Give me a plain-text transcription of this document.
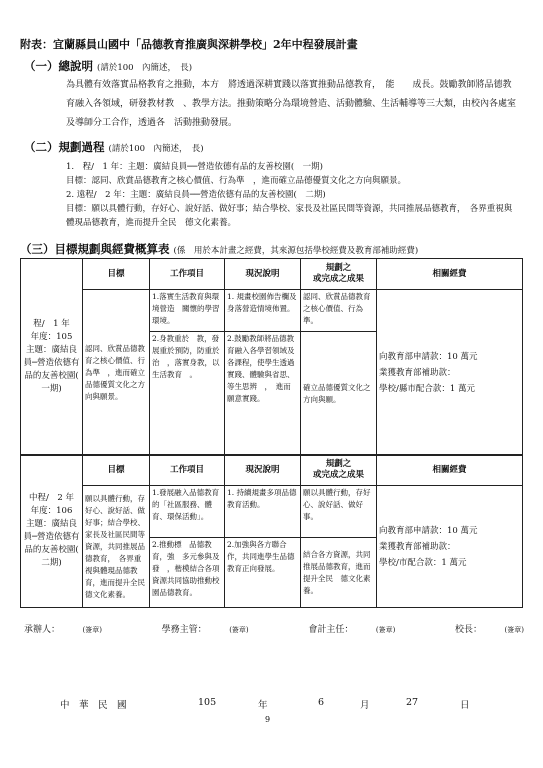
附表：宜蘭縣員山國中「品德教育推廣與深耕學校」2年中程發展計畫
（一）總說明 (請於100　內簡述，　長)
為具體有效落實品格教育之推動，本方　將透過深耕實踐以落實推動品德教育，　能　　成長。鼓勵教師將品德教育融入各領域，研發教材教　、教學方法。推動策略分為環境營造、活動體驗、生活輔導等三大類，由校內各處室及導師分工合作，透過各　活動推動發展。
（二）規劃過程 (請於100　內簡述，　長)
1.　程/　1 年：主題：廣結良員──營造依德有品的友善校園(　一期)
目標：認同、欣賞品德教育之核心價值、行為準　，進而確立品德優質文化之方向與願景。
2. 遠程/　2 年：主題：廣結良員──營造依德有品的友善校園(　二期)
目標：願以具體行動，存好心、說好話、做好事；結合學校、家長及社區民間等資源，共同推展品德教育，　各界重視與體現品德教育，進而提升全民　德文化素養。
（三）目標規劃與經費概算表 (係　用於本計畫之經費，其來源包括學校經費及教育部補助經費)
程/　1 年
年度：105
主題：廣結良員─營造依德有品的友善校園(　一期)	目標	工作項目	現況說明	規劃之
或完成之成果	相關經費
	認同、欣賞品德教育之核心價值、行為準　，進而確立品德優質文化之方向與願景。	1.落實生活教育與環境營造　關懷的學習環境。	1. 規畫校園佈告欄及身落營造情境佈置。	認同、欣賞品德教育之核心價值、行為準。	向教育部申請款：10 萬元
業獲教育部補助款：
學校/縣市配合款：1 萬元

		2.身教重於　教，發展重於預防，防重於治　，落實身教，以生活教育　。	2.鼓勵教師將品德教育融入各學習領域及各課程，使學生透過實踐、體驗與省思、　等生思辨　，　進而願意實踐。	確立品德優質文化之方向與願。	
中程/　2 年
年度：106
主題：廣結良員─營造依德有品的友善校園(　二期)	目標	工作項目	現況說明	規劃之
或完成之成果	相關經費
	願以具體行動，存好心、說好話、做好事；結合學校、家長及社區民間等資源，共同推展品德教育，　各界重視與體現品德教育，進而提升全民　德文化素養。	1.發展融入品德教育的「社區服務、體育、環保活動」。	1. 持續規畫多項品德教育活動。	願以具體行動，存好心、說好話、做好事。	向教育部申請款：10 萬元
業獲教育部補助款：
學校/市配合款：1 萬元

		2.推動標　品德教育，強　多元參與及發　，楷模結合各項資源共同協助推動校園品德教育。	2.加強與各方聯合作，共同進學生品德教育正向發展。	結合各方資源，共同推展品德教育，進而提升全民　德文化素養。	
承辦人：　　　	(簽章)	學務主管：　　　	(簽章)	會計主任：　　　	(簽章)	校長：　　　	(簽章)
中　華　民　國	105	年	6	月	27	日
9
